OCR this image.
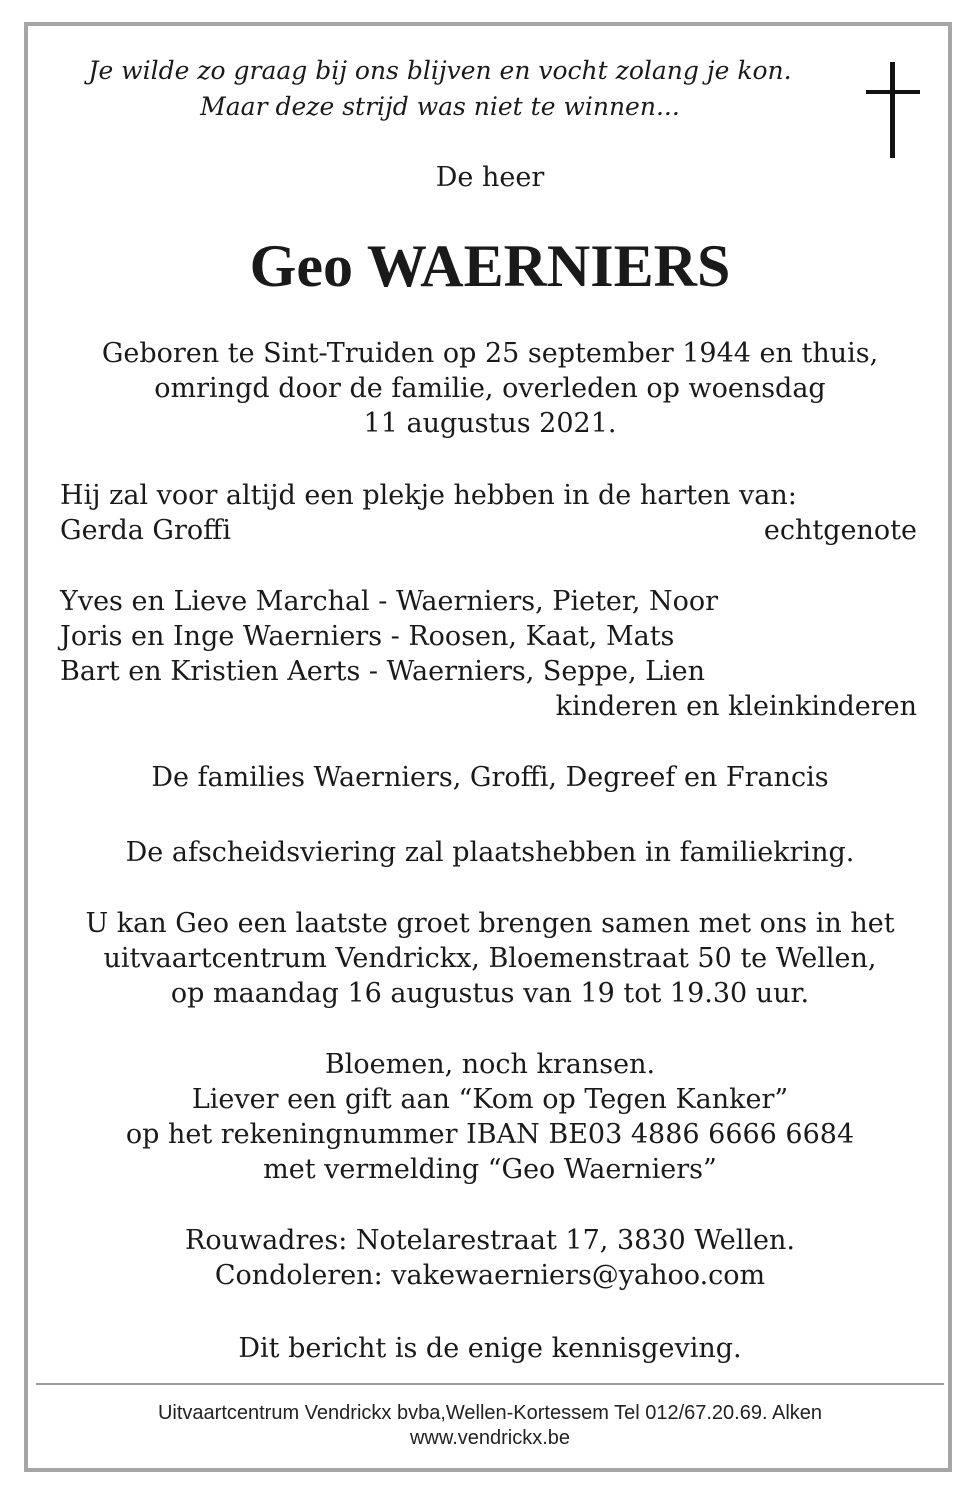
Je wilde zo graag bij ons blijven en vocht zolang je kon.
Maar deze strijd was niet te winnen...
De heer
Geo WAERNIERS
Geboren te Sint-Truiden op 25 september 1944 en thuis,
omringd door de familie, overleden op woensdag
11 augustus 2021.
Hij zal voor altijd een plekje hebben in de harten van:
Gerda Groffi	echtgenote
Yves en Lieve Marchal - Waerniers, Pieter, Noor
Joris en Inge Waerniers - Roosen, Kaat, Mats
Bart en Kristien Aerts - Waerniers, Seppe, Lien
kinderen en kleinkinderen
De families Waerniers, Groffi, Degreef en Francis
De afscheidsviering zal plaatshebben in familiekring.
U kan Geo een laatste groet brengen samen met ons in het
uitvaartcentrum Vendrickx, Bloemenstraat 50 te Wellen,
op maandag 16 augustus van 19 tot 19.30 uur.
Bloemen, noch kransen.
Liever een gift aan “Kom op Tegen Kanker”
op het rekeningnummer IBAN BE03 4886 6666 6684
met vermelding “Geo Waerniers”
Rouwadres: Notelarestraat 17, 3830 Wellen.
Condoleren: vakewaerniers@yahoo.com
Dit bericht is de enige kennisgeving.
Uitvaartcentrum Vendrickx bvba,Wellen-Kortessem Tel 012/67.20.69. Alken
www.vendrickx.be
